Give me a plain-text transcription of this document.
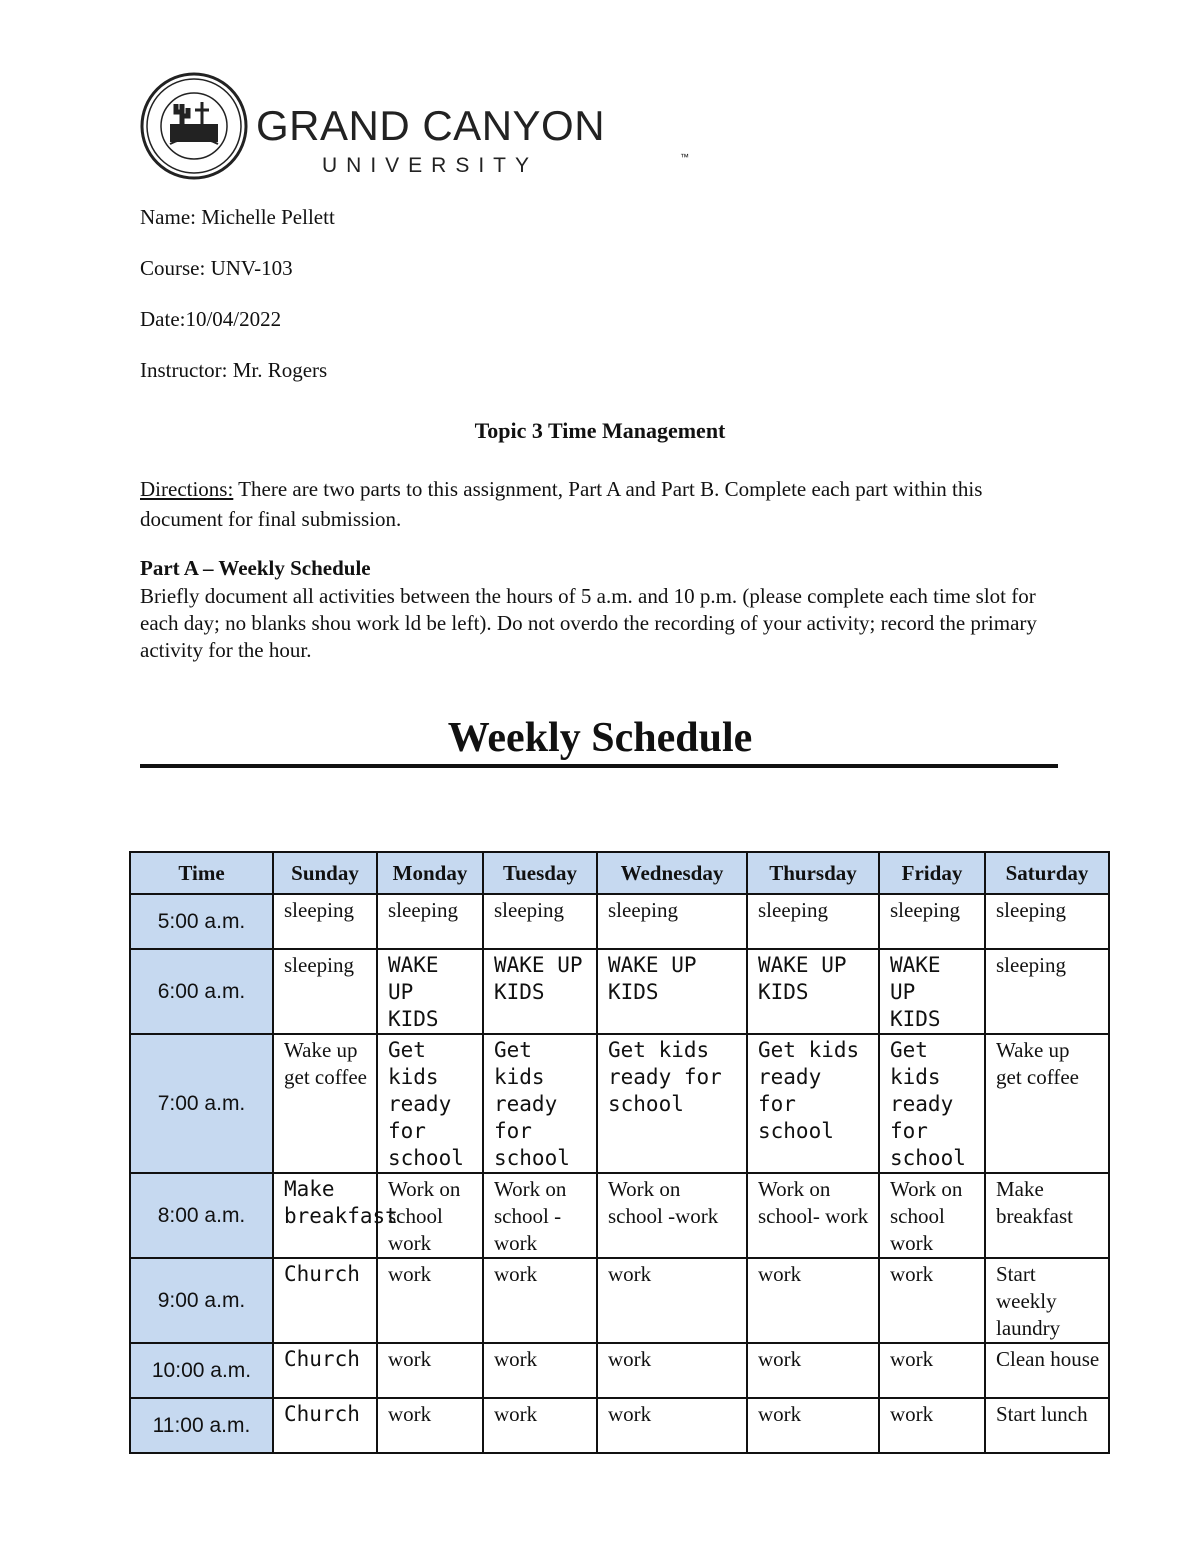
GRAND CANYON
UNIVERSITY	™
Name: Michelle Pellett
Course: UNV-103
Date:10/04/2022
Instructor: Mr. Rogers
Topic 3 Time Management
Directions: There are two parts to this assignment, Part A and Part B. Complete each part within this document for final submission.
Part A – Weekly Schedule
Briefly document all activities between the hours of 5 a.m. and 10 p.m. (please complete each time slot for each day; no blanks shou work ld be left). Do not overdo the recording of your activity; record the primary activity for the hour.
Weekly Schedule
Time	Sunday	Monday	Tuesday	Wednesday	Thursday	Friday	Saturday
5:00 a.m.	sleeping	sleeping	sleeping	sleeping	sleeping	sleeping	sleeping
6:00 a.m.	sleeping	WAKE UP KIDS	WAKE UP KIDS	WAKE UP KIDS	WAKE UP KIDS	WAKE UP KIDS	sleeping
7:00 a.m.	Wake up get coffee	Get kids ready for school	Get kids ready for school	Get kids ready for school	Get kids ready for school	Get kids ready for school	Wake up get coffee
8:00 a.m.	Make breakfast	Work on school work	Work on school -work	Work on school -work	Work on school- work	Work on school work	Make breakfast
9:00 a.m.	Church	work	work	work	work	work	Start weekly laundry
10:00 a.m.	Church	work	work	work	work	work	Clean house
11:00 a.m.	Church	work	work	work	work	work	Start lunch
